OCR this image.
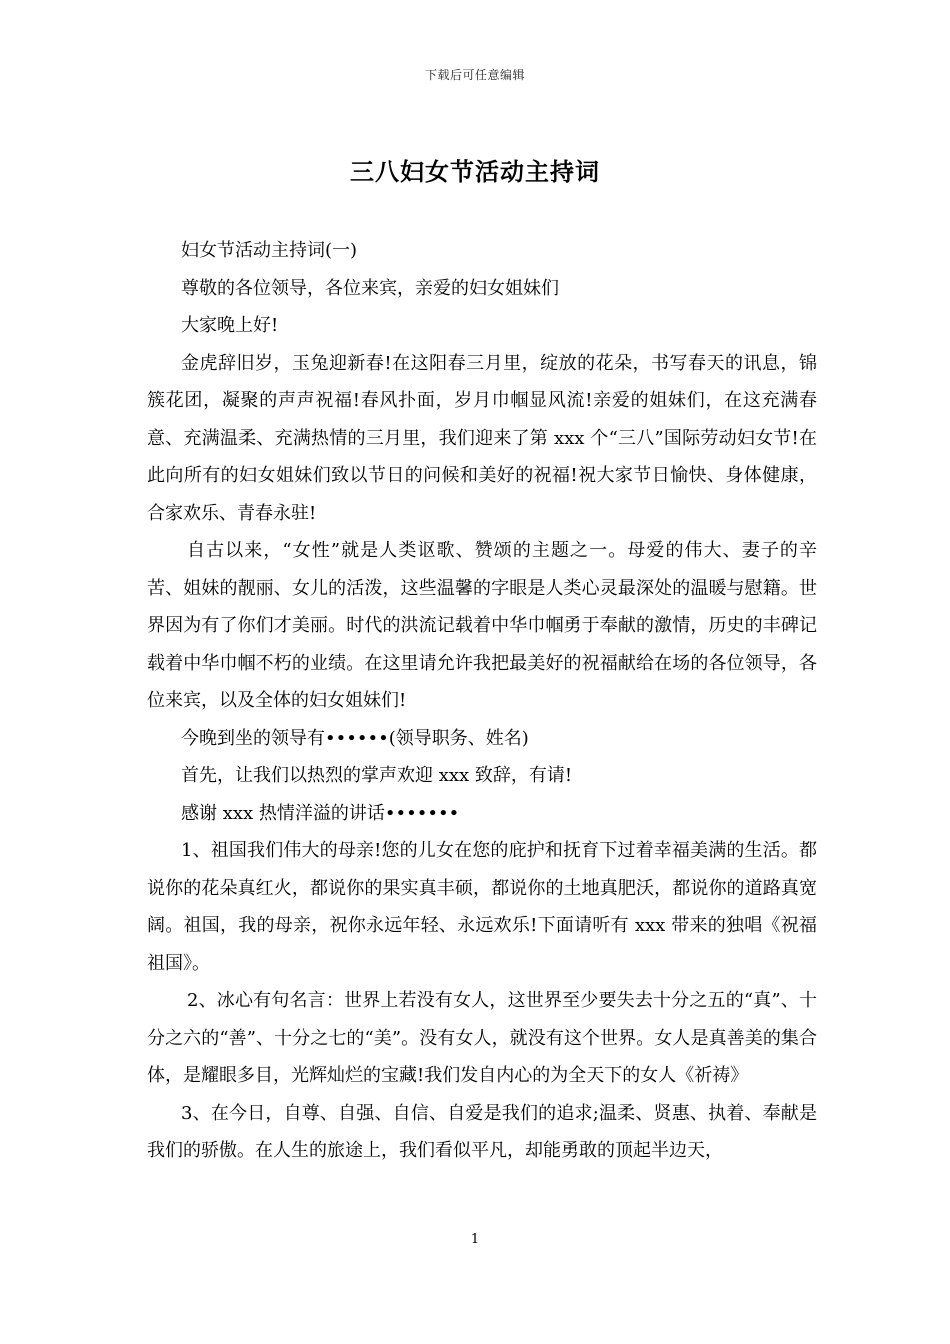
下载后可任意编辑
三八妇女节活动主持词

妇女节活动主持词(一)

尊敬的各位领导，各位来宾，亲爱的妇女姐妹们

大家晚上好!

金虎辞旧岁，玉兔迎新春!在这阳春三月里，绽放的花朵，书写春天的讯息，锦簇花团，凝聚的声声祝福!春风扑面，岁月巾帼显风流!亲爱的姐妹们，在这充满春意、充满温柔、充满热情的三月里，我们迎来了第 xxx 个“三八”国际劳动妇女节!在此向所有的妇女姐妹们致以节日的问候和美好的祝福!祝大家节日愉快、身体健康，合家欢乐、青春永驻!

自古以来，“女性”就是人类讴歌、赞颂的主题之一。母爱的伟大、妻子的辛苦、姐妹的靓丽、女儿的活泼，这些温馨的字眼是人类心灵最深处的温暖与慰籍。世界因为有了你们才美丽。时代的洪流记载着中华巾帼勇于奉献的激情，历史的丰碑记载着中华巾帼不朽的业绩。在这里请允许我把最美好的祝福献给在场的各位领导，各位来宾，以及全体的妇女姐妹们!

今晚到坐的领导有••••••(领导职务、姓名)

首先，让我们以热烈的掌声欢迎 xxx 致辞，有请!

感谢 xxx 热情洋溢的讲话•••••••

1、祖国我们伟大的母亲!您的儿女在您的庇护和抚育下过着幸福美满的生活。都说你的花朵真红火，都说你的果实真丰硕，都说你的土地真肥沃，都说你的道路真宽阔。祖国，我的母亲，祝你永远年轻、永远欢乐!下面请听有 xxx 带来的独唱《祝福祖国》。

2、冰心有句名言：世界上若没有女人，这世界至少要失去十分之五的“真”、十分之六的“善”、十分之七的“美”。没有女人，就没有这个世界。女人是真善美的集合体，是耀眼多目，光辉灿烂的宝藏!我们发自内心的为全天下的女人《祈祷》

3、在今日，自尊、自强、自信、自爱是我们的追求;温柔、贤惠、执着、奉献是我们的骄傲。在人生的旅途上，我们看似平凡，却能勇敢的顶起半边天，

1
